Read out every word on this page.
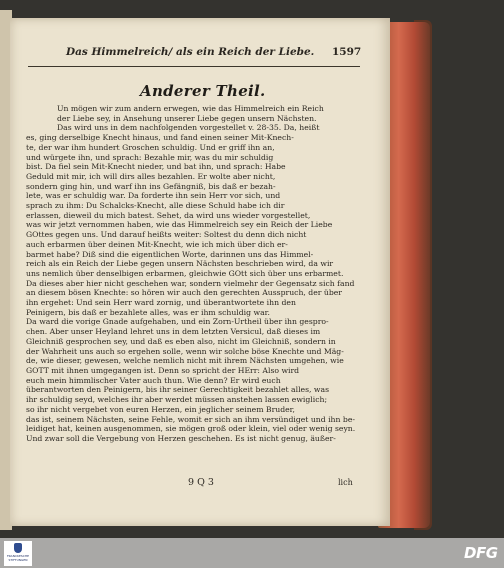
Das Himmelreich/ als ein Reich der Liebe.	1597
Anderer Theil.
Un mögen wir zum andern erwegen, wie das Himmelreich ein Reich
der Liebe sey, in Ansehung unserer Liebe gegen unsern Nächsten.
Das wird uns in dem nachfolgenden vorgestellet v. 28-35. Da, heißt
es, ging derselbige Knecht hinaus, und fand einen seiner Mit-Knech-
te, der war ihm hundert Groschen schuldig. Und er griff ihn an,
und würgete ihn, und sprach: Bezahle mir, was du mir schuldig
bist. Da fiel sein Mit-Knecht nieder, und bat ihn, und sprach: Habe
Geduld mit mir, ich will dirs alles bezahlen. Er wolte aber nicht,
sondern ging hin, und warf ihn ins Gefängniß, bis daß er bezah-
lete, was er schuldig war. Da forderte ihn sein Herr vor sich, und
sprach zu ihm: Du Schalcks-Knecht, alle diese Schuld habe ich dir
erlassen, dieweil du mich batest. Sehet, da wird uns wieder vorgestellet,
was wir jetzt vernommen haben, wie das Himmelreich sey ein Reich der Liebe
GOttes gegen uns. Und darauf heißts weiter: Soltest du denn dich nicht
auch erbarmen über deinen Mit-Knecht, wie ich mich über dich er-
barmet habe? Diß sind die eigentlichen Worte, darinnen uns das Himmel-
reich als ein Reich der Liebe gegen unsern Nächsten beschrieben wird, da wir
uns nemlich über denselbigen erbarmen, gleichwie GOtt sich über uns erbarmet.
Da dieses aber hier nicht geschehen war, sondern vielmehr der Gegensatz sich fand
an diesem bösen Knechte: so hören wir auch den gerechten Ausspruch, der über
ihn ergehet: Und sein Herr ward zornig, und überantwortete ihn den
Peinigern, bis daß er bezahlete alles, was er ihm schuldig war.
Da ward die vorige Gnade aufgehaben, und ein Zorn-Urtheil über ihn gespro-
chen. Aber unser Heyland lehret uns in dem letzten Versicul, daß dieses im
Gleichniß gesprochen sey, und daß es eben also, nicht im Gleichniß, sondern in
der Wahrheit uns auch so ergehen solle, wenn wir solche böse Knechte und Mäg-
de, wie dieser, gewesen, welche nemlich nicht mit ihrem Nächsten umgehen, wie
GOTT mit ihnen umgegangen ist. Denn so spricht der HErr: Also wird
euch mein himmlischer Vater auch thun. Wie denn? Er wird euch
überantworten den Peinigern, bis ihr seiner Gerechtigkeit bezahlet alles, was
ihr schuldig seyd, welches ihr aber werdet müssen anstehen lassen ewiglich;
so ihr nicht vergebet von euren Herzen, ein jeglicher seinem Bruder,
das ist, seinem Nächsten, seine Fehle, womit er sich an ihm versündiget und ihn be-
leidiget hat, keinen ausgenommen, sie mögen groß oder klein, viel oder wenig seyn.
Und zwar soll die Vergebung von Herzen geschehen. Es ist nicht genug, äußer-
9 Q 3	lich
FRANCKESCHE STIFTUNGEN	DFG
